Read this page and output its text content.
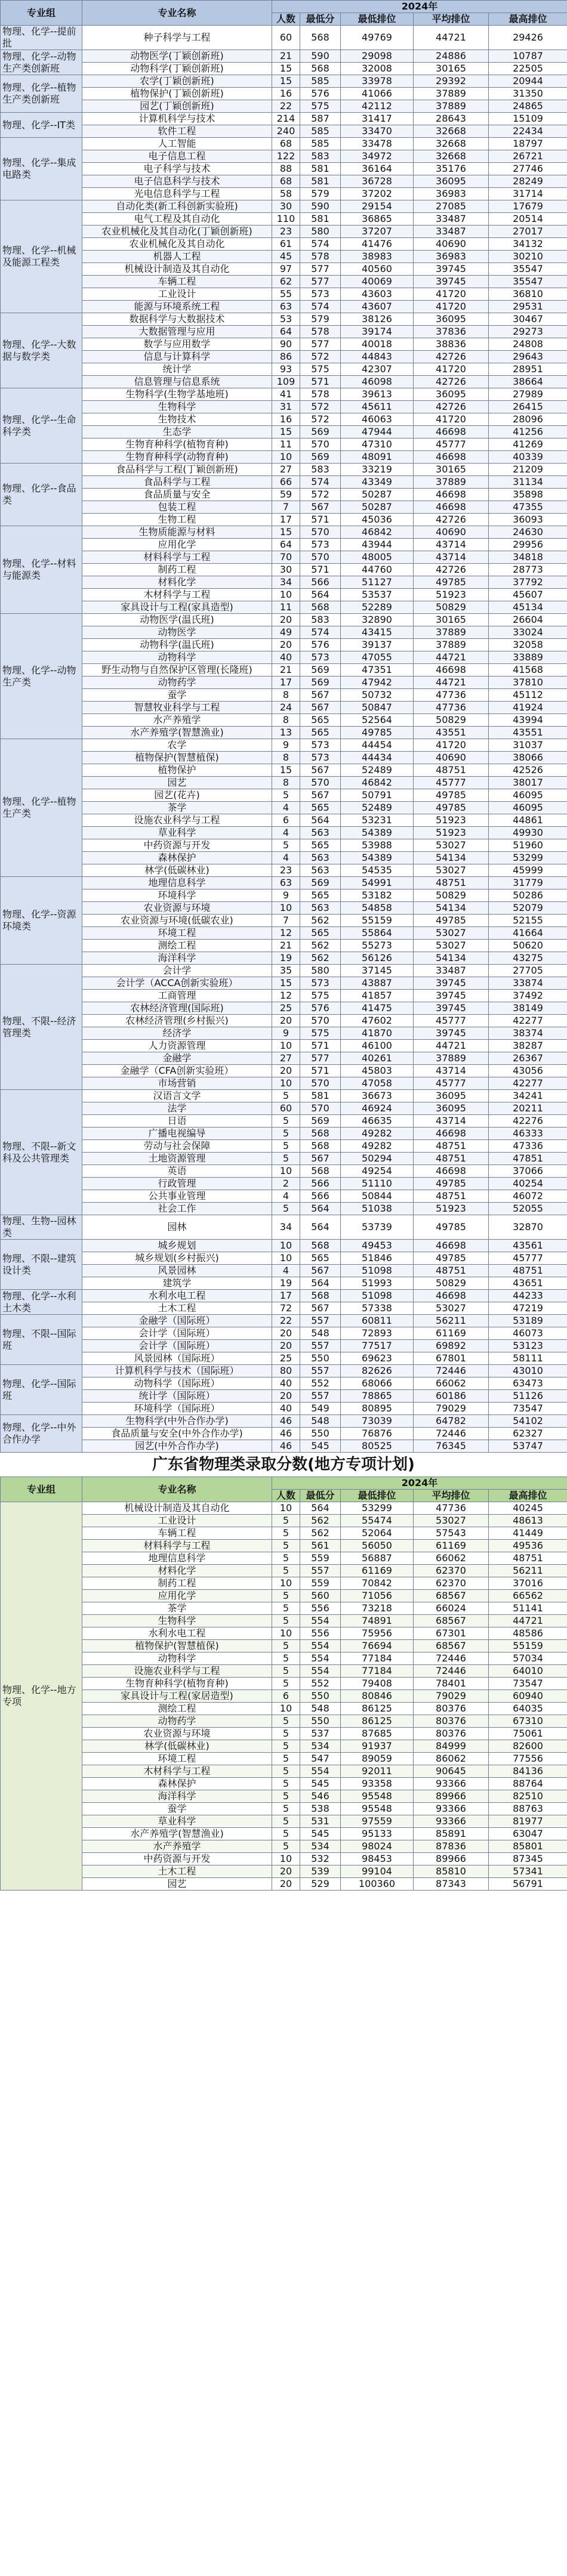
专业组	专业名称	2024年				
		人数	最低分	最低排位	平均排位	最高排位
物理、化学--提前批	种子科学与工程	60	568	49769	44721	29426
物理、化学--动物生产类创新班	动物医学(丁颖创新班)	21	590	29098	24886	10787
	动物科学(丁颖创新班)	15	568	32008	30165	22505
物理、化学--植物生产类创新班	农学(丁颖创新班)	15	585	33978	29392	20944
	植物保护(丁颖创新班)	16	576	41066	37889	31350
	园艺(丁颖创新班)	22	575	42112	37889	24865
物理、化学--IT类	计算机科学与技术	214	587	31417	28643	15109
	软件工程	240	585	33470	32668	22434
物理、化学--集成电路类	人工智能	68	585	33478	32668	18797
	电子信息工程	122	583	34972	32668	26721
	电子科学与技术	88	581	36164	35176	27746
	电子信息科学与技术	68	581	36728	36095	28249
	光电信息科学与工程	58	579	37202	36983	31714
物理、化学--机械及能源工程类	自动化类(新工科创新实验班)	30	590	29154	27085	17679
	电气工程及其自动化	110	581	36865	33487	20514
	农业机械化及其自动化(丁颖创新班)	23	580	37207	33487	27017
	农业机械化及其自动化	61	574	41476	40690	34132
	机器人工程	45	578	38983	36983	30210
	机械设计制造及其自动化	97	577	40560	39745	35547
	车辆工程	62	577	40069	39745	35547
	工业设计	55	573	43603	41720	36810
	能源与环境系统工程	63	574	43607	41720	29531
物理、化学--大数据与数学类	数据科学与大数据技术	53	579	38126	36095	30467
	大数据管理与应用	64	578	39174	37836	29273
	数学与应用数学	90	577	40018	38836	24808
	信息与计算科学	86	572	44843	42726	29643
	统计学	93	575	42307	41720	28951
	信息管理与信息系统	109	571	46098	42726	38664
物理、化学--生命科学类	生物科学(生物学基地班)	41	578	39613	36095	27989
	生物科学	31	572	45611	42726	26415
	生物技术	16	572	46063	41720	28096
	生态学	15	569	47944	46698	41256
	生物育种科学(植物育种)	11	570	47310	45777	41269
	生物育种科学(动物育种)	10	569	48091	46698	40339
物理、化学--食品类	食品科学与工程(丁颖创新班)	27	583	33219	30165	21209
	食品科学与工程	66	574	43349	37889	31134
	食品质量与安全	59	572	50287	46698	35898
	包装工程	7	567	50287	46698	47355
	生物工程	17	571	45036	42726	36093
物理、化学--材料与能源类	生物质能源与材料	15	570	46842	40690	24630
	应用化学	64	573	43944	43714	29956
	材料科学与工程	70	570	48005	43714	34818
	制药工程	30	571	44760	42726	28773
	材料化学	34	566	51127	49785	37792
	木材科学与工程	10	564	53537	51923	45607
	家具设计与工程(家具造型)	11	568	52289	50829	45134
物理、化学--动物生产类	动物医学(温氏班)	20	583	32890	30165	26604
	动物医学	49	574	43415	37889	33024
	动物科学(温氏班)	20	576	39137	37889	32058
	动物科学	40	573	47055	44721	33889
	野生动物与自然保护区管理(长隆班)	21	569	47351	46698	41568
	动物药学	17	569	47942	44721	37810
	蚕学	8	567	50732	47736	45112
	智慧牧业科学与工程	24	567	50847	47736	41924
	水产养殖学	8	565	52564	50829	43994
	水产养殖学(智慧渔业)	13	565	49785	43551	43551
物理、化学--植物生产类	农学	9	573	44454	41720	31037
	植物保护(智慧植保)	8	573	44434	40690	38066
	植物保护	15	567	52489	48751	42526
	园艺	8	570	46842	45777	38017
	园艺(花卉)	5	567	50791	49785	46095
	茶学	4	565	52489	49785	46095
	设施农业科学与工程	6	564	53231	51923	44861
	草业科学	4	563	54389	51923	49930
	中药资源与开发	5	565	53988	53027	51960
	森林保护	4	563	54389	54134	53299
	林学(低碳林业)	23	563	54535	53027	45999
物理、化学--资源环境类	地理信息科学	63	569	54991	48751	31779
	环境科学	9	565	53182	50829	50286
	农业资源与环境	10	563	54858	54134	52079
	农业资源与环境(低碳农业)	7	562	55159	49785	52155
	环境工程	12	565	55864	53027	41664
	测绘工程	21	562	55273	53027	50620
	海洋科学	19	562	56126	54134	43275
物理、不限--经济管理类	会计学	35	580	37145	33487	27705
	会计学（ACCA创新实验班）	15	573	43887	39745	33874
	工商管理	12	575	41857	39745	37492
	农林经济管理(国际班)	25	576	41475	39745	38149
	农林经济管理(乡村振兴)	20	570	47602	45777	42277
	经济学	9	575	41870	39745	38374
	人力资源管理	10	571	46100	44721	38287
	金融学	27	577	40261	37889	26367
	金融学（CFA创新实验班）	20	571	45803	43714	43056
	市场营销	10	570	47058	45777	42277
物理、不限--新文科及公共管理类	汉语言文学	5	581	36673	36095	34241
	法学	60	570	46924	36095	20211
	日语	5	569	46635	43714	42276
	广播电视编导	5	568	49282	46698	46333
	劳动与社会保障	5	568	49282	48751	47336
	土地资源管理	5	567	50294	48751	47851
	英语	10	568	49254	46698	37066
	行政管理	2	566	51110	49785	40254
	公共事业管理	4	566	50844	48751	46072
	社会工作	5	564	51038	51923	52055
物理、生物--园林类	园林	34	564	53739	49785	32870
物理、不限--建筑设计类	城乡规划	10	568	49453	46698	43561
	城乡规划(乡村振兴)	10	565	51846	49785	45777
	风景园林	4	567	51098	48751	48751
	建筑学	19	564	51993	50829	43651
物理、化学--水利土木类	水利水电工程	17	568	51098	46698	44233
	土木工程	72	567	57338	53027	47219
物理、不限--国际班	金融学（国际班）	22	557	60811	56211	53189
	会计学（国际班）	20	548	72893	61169	46073
	会计学（国际班）	20	557	77517	69892	53123
	风景园林（国际班）	25	550	69623	67801	58111
物理、化学--国际班	计算机科学与技术（国际班）	80	557	82626	72446	43010
	动物科学（国际班）	40	552	68066	66062	63473
	统计学（国际班）	20	557	78865	60186	51126
	环境科学（国际班）	40	549	80895	79029	73547
物理、化学--中外合作办学	生物科学(中外合作办学)	46	548	73039	64782	54102
	食品质量与安全(中外合作办学)	46	550	76876	72446	62327
	园艺(中外合作办学)	46	545	80525	76345	53747
广东省物理类录取分数(地方专项计划)
专业组	专业名称	2024年				
		人数	最低分	最低排位	平均排位	最高排位
物理、化学--地方专项	机械设计制造及其自动化	10	564	53299	47736	40245
	工业设计	5	562	55474	53027	48613
	车辆工程	5	562	52064	57543	41449
	材料科学与工程	5	561	56050	61169	49536
	地理信息科学	5	559	56887	66062	48751
	材料化学	5	557	61169	62370	56211
	制药工程	10	559	70842	62370	37016
	应用化学	5	560	71056	68567	66562
	茶学	5	556	73218	66024	51141
	生物科学	5	554	74891	68567	44721
	水利水电工程	10	556	75956	67301	48586
	植物保护(智慧植保)	5	554	76694	68567	55159
	动物科学	5	554	77184	72446	57034
	设施农业科学与工程	5	554	77184	72446	64010
	生物育种科学(植物育种)	5	552	79408	78401	73547
	家具设计与工程(家居造型)	6	550	80846	79029	60940
	测绘工程	10	548	86125	80376	64035
	动物药学	5	550	86125	80376	67310
	农业资源与环境	5	537	87685	80376	75061
	林学(低碳林业)	5	534	91937	84999	82600
	环境工程	5	547	89059	86062	77556
	木材科学与工程	5	554	92011	90645	84136
	森林保护	5	545	93358	93366	88764
	海洋科学	5	546	95548	89966	82510
	蚕学	5	538	95548	93366	88763
	草业科学	5	531	97559	93366	81977
	水产养殖学(智慧渔业)	5	545	95133	85891	63047
	水产养殖学	5	534	98024	87836	85801
	中药资源与开发	10	532	98453	89966	87345
	土木工程	20	539	99104	85810	57341
	园艺	20	529	100360	87343	56791
